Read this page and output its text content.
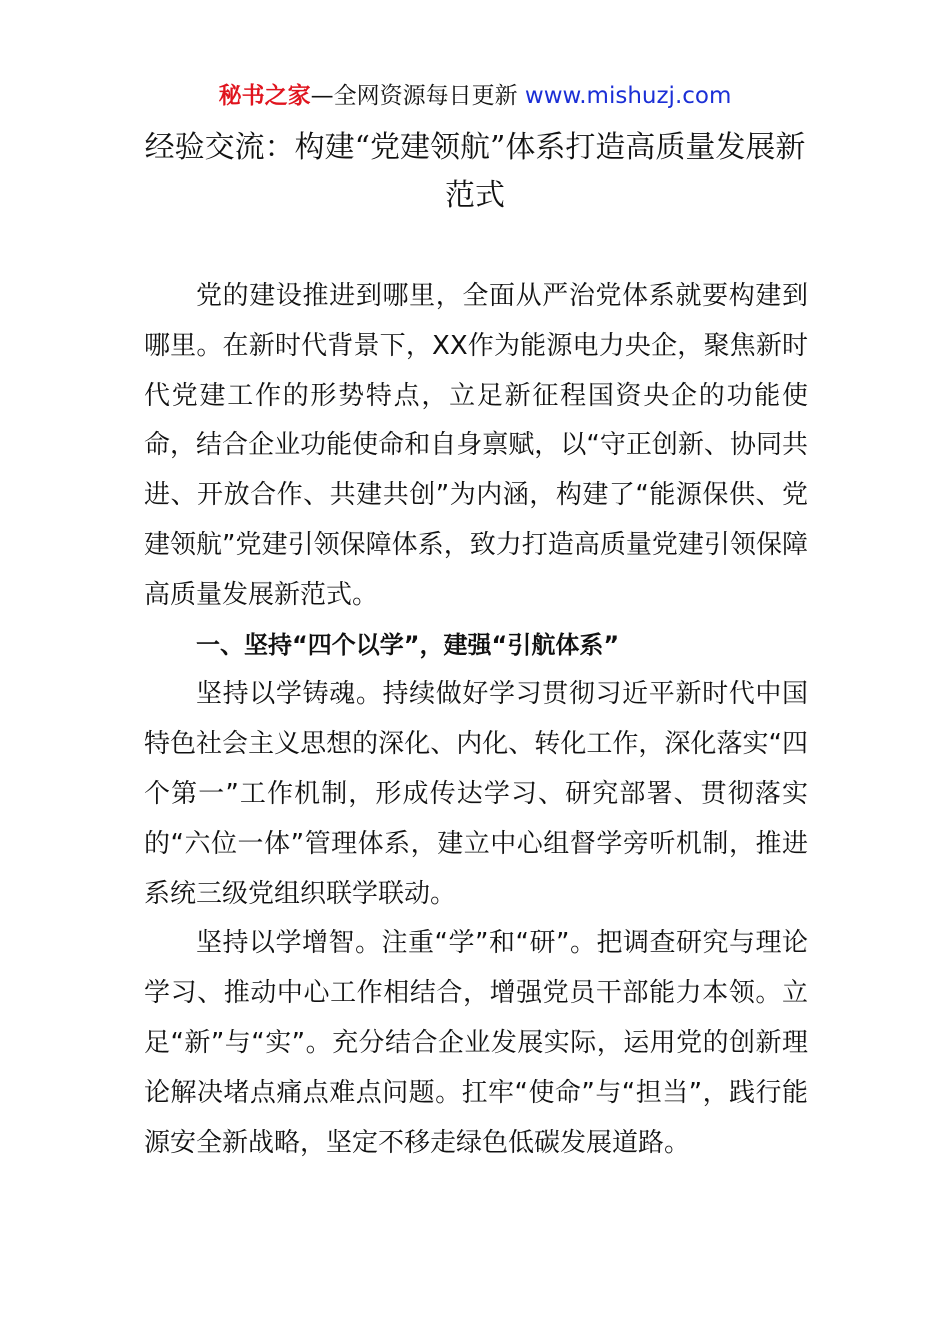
秘书之家—全网资源每日更新 www.mishuzj.com
经验交流：构建“党建领航”体系打造高质量发展新范式

党的建设推进到哪里，全面从严治党体系就要构建到哪里。在新时代背景下，XX作为能源电力央企，聚焦新时代党建工作的形势特点，立足新征程国资央企的功能使命，结合企业功能使命和自身禀赋，以“守正创新、协同共进、开放合作、共建共创”为内涵，构建了“能源保供、党建领航”党建引领保障体系，致力打造高质量党建引领保障高质量发展新范式。

一、坚持“四个以学”，建强“引航体系”

坚持以学铸魂。持续做好学习贯彻习近平新时代中国特色社会主义思想的深化、内化、转化工作，深化落实“四个第一”工作机制，形成传达学习、研究部署、贯彻落实的“六位一体”管理体系，建立中心组督学旁听机制，推进系统三级党组织联学联动。

坚持以学增智。注重“学”和“研”。把调查研究与理论学习、推动中心工作相结合，增强党员干部能力本领。立足“新”与“实”。充分结合企业发展实际，运用党的创新理论解决堵点痛点难点问题。扛牢“使命”与“担当”，践行能源安全新战略，坚定不移走绿色低碳发展道路。
